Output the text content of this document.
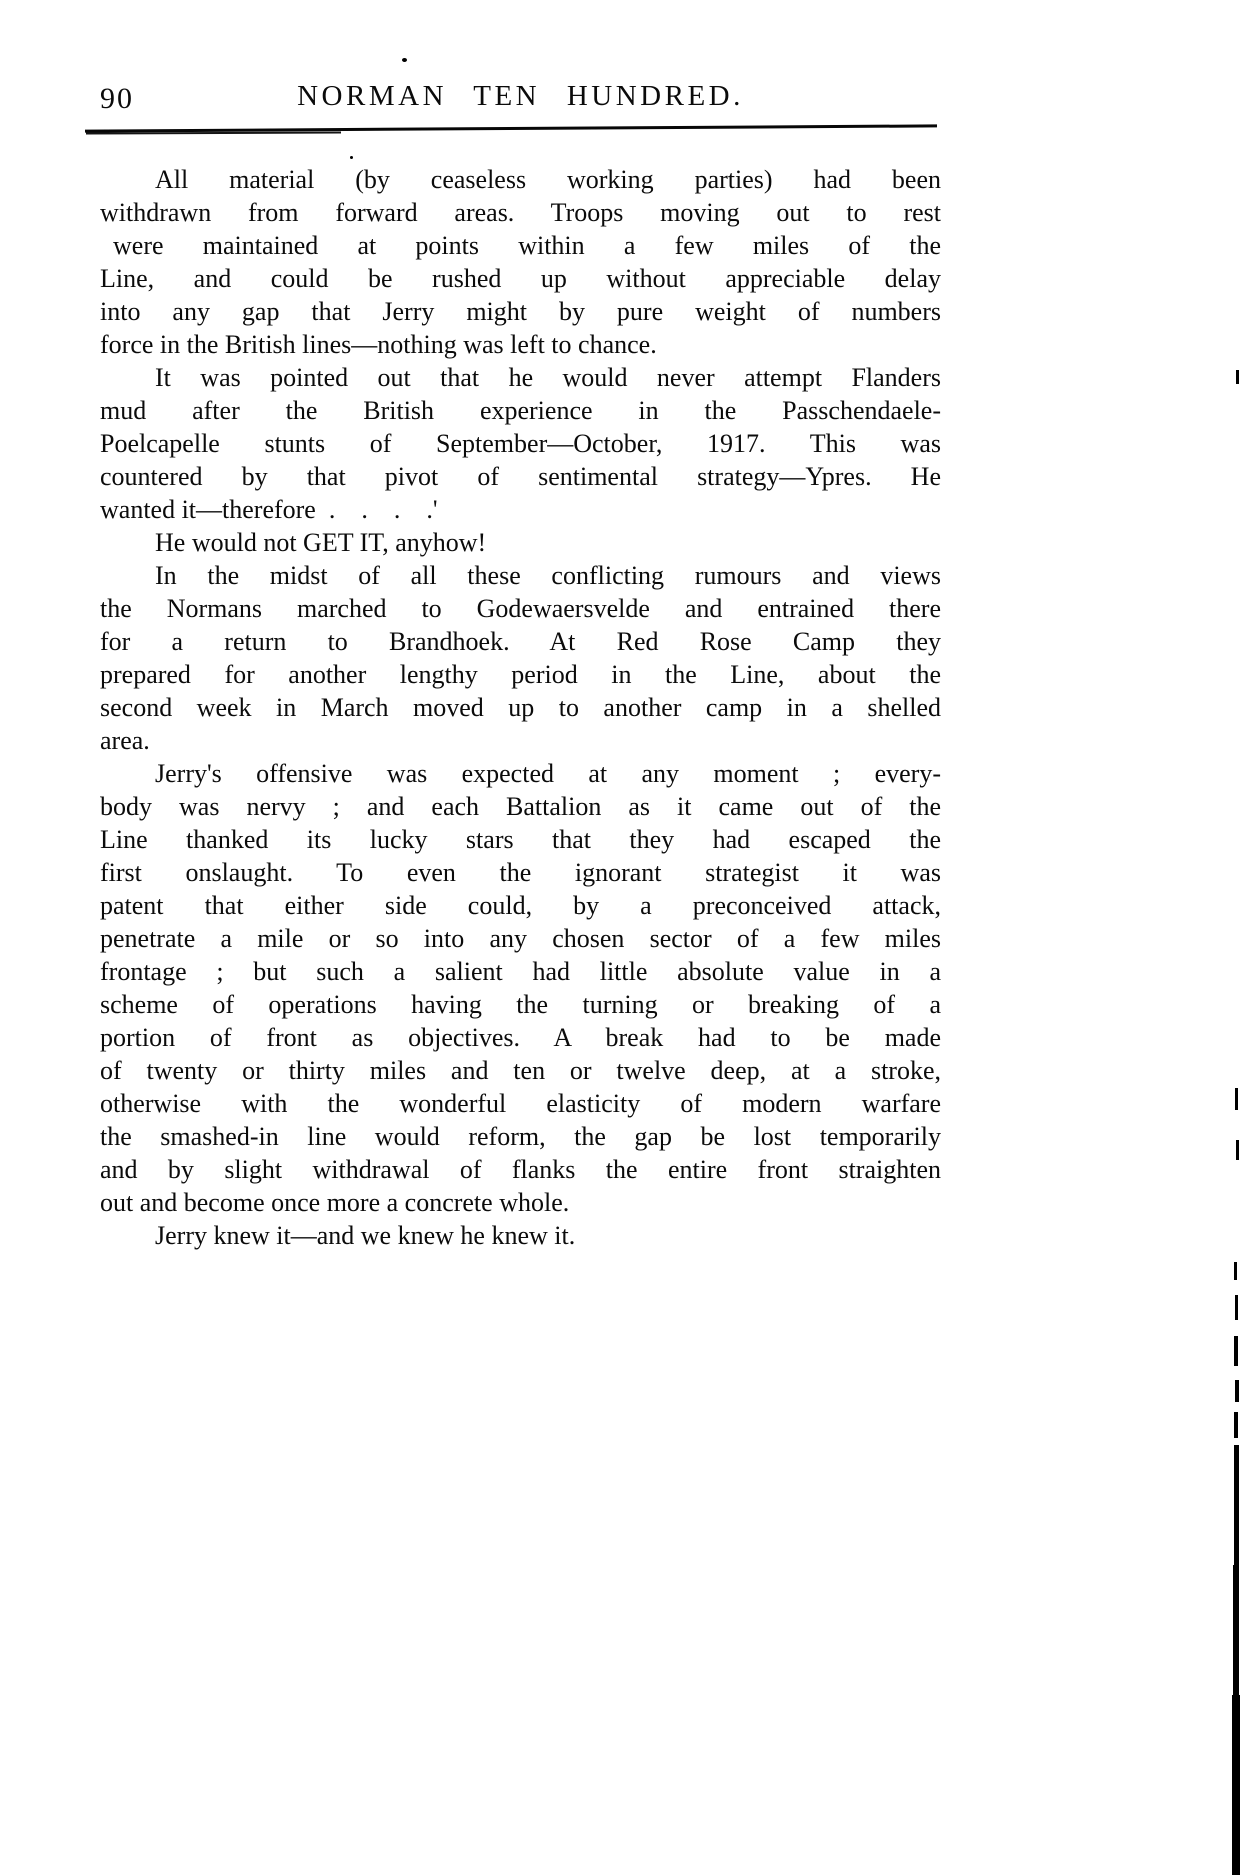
90	NORMAN TEN HUNDRED.
All material (by ceaseless working parties) had been
withdrawn from forward areas. Troops moving out to rest
were maintained at points within a few miles of the
Line, and could be rushed up without appreciable delay
into any gap that Jerry might by pure weight of numbers
force in the British lines—nothing was left to chance.
It was pointed out that he would never attempt Flanders
mud after the British experience in the Passchendaele-
Poelcapelle stunts of September—October, 1917. This was
countered by that pivot of sentimental strategy—Ypres. He
wanted it—therefore .  .  .  .'
He would not GET IT, anyhow!
In the midst of all these conflicting rumours and views
the Normans marched to Godewaersvelde and entrained there
for a return to Brandhoek. At Red Rose Camp they
prepared for another lengthy period in the Line, about the
second week in March moved up to another camp in a shelled
area.
Jerry's offensive was expected at any moment ; every-
body was nervy ; and each Battalion as it came out of the
Line thanked its lucky stars that they had escaped the
first onslaught. To even the ignorant strategist it was
patent that either side could, by a preconceived attack,
penetrate a mile or so into any chosen sector of a few miles
frontage ; but such a salient had little absolute value in a
scheme of operations having the turning or breaking of a
portion of front as objectives. A break had to be made
of twenty or thirty miles and ten or twelve deep, at a stroke,
otherwise with the wonderful elasticity of modern warfare
the smashed-in line would reform, the gap be lost temporarily
and by slight withdrawal of flanks the entire front straighten
out and become once more a concrete whole.
Jerry knew it—and we knew he knew it.
